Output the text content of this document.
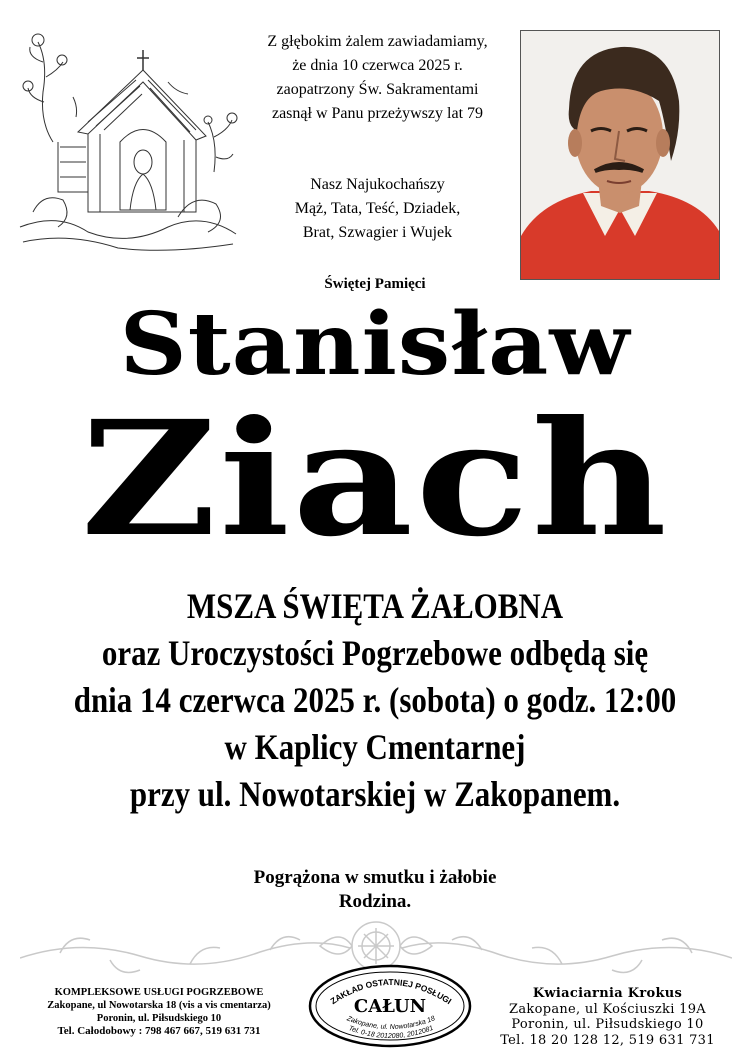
Z głębokim żalem zawiadamiamy,
że dnia 10 czerwca 2025 r.
zaopatrzony Św. Sakramentami
zasnął w Panu przeżywszy lat 79
Nasz Najukochańszy
Mąż, Tata, Teść, Dziadek,
Brat, Szwagier i Wujek
Świętej Pamięci
Stanisław
Ziach
MSZA ŚWIĘTA ŻAŁOBNA
oraz Uroczystości Pogrzebowe odbędą się
dnia 14 czerwca 2025 r. (sobota) o godz. 12:00
w Kaplicy Cmentarnej
przy ul. Nowotarskiej w Zakopanem.
Pogrążona w smutku i żałobie
Rodzina.
KOMPLEKSOWE USŁUGI POGRZEBOWE
Zakopane, ul Nowotarska 18 (vis a vis cmentarza)
Poronin, ul. Piłsudskiego 10
Tel. Całodobowy : 798 467 667, 519 631 731
ZAKŁAD OSTATNIEJ POSŁUGI
CAŁUN
Zakopane, ul. Nowotarska 18
Tel. 0-18 2012080, 2012081
Kwiaciarnia Krokus
Zakopane, ul Kościuszki 19A
Poronin, ul. Piłsudskiego 10
Tel. 18 20 128 12, 519 631 731
